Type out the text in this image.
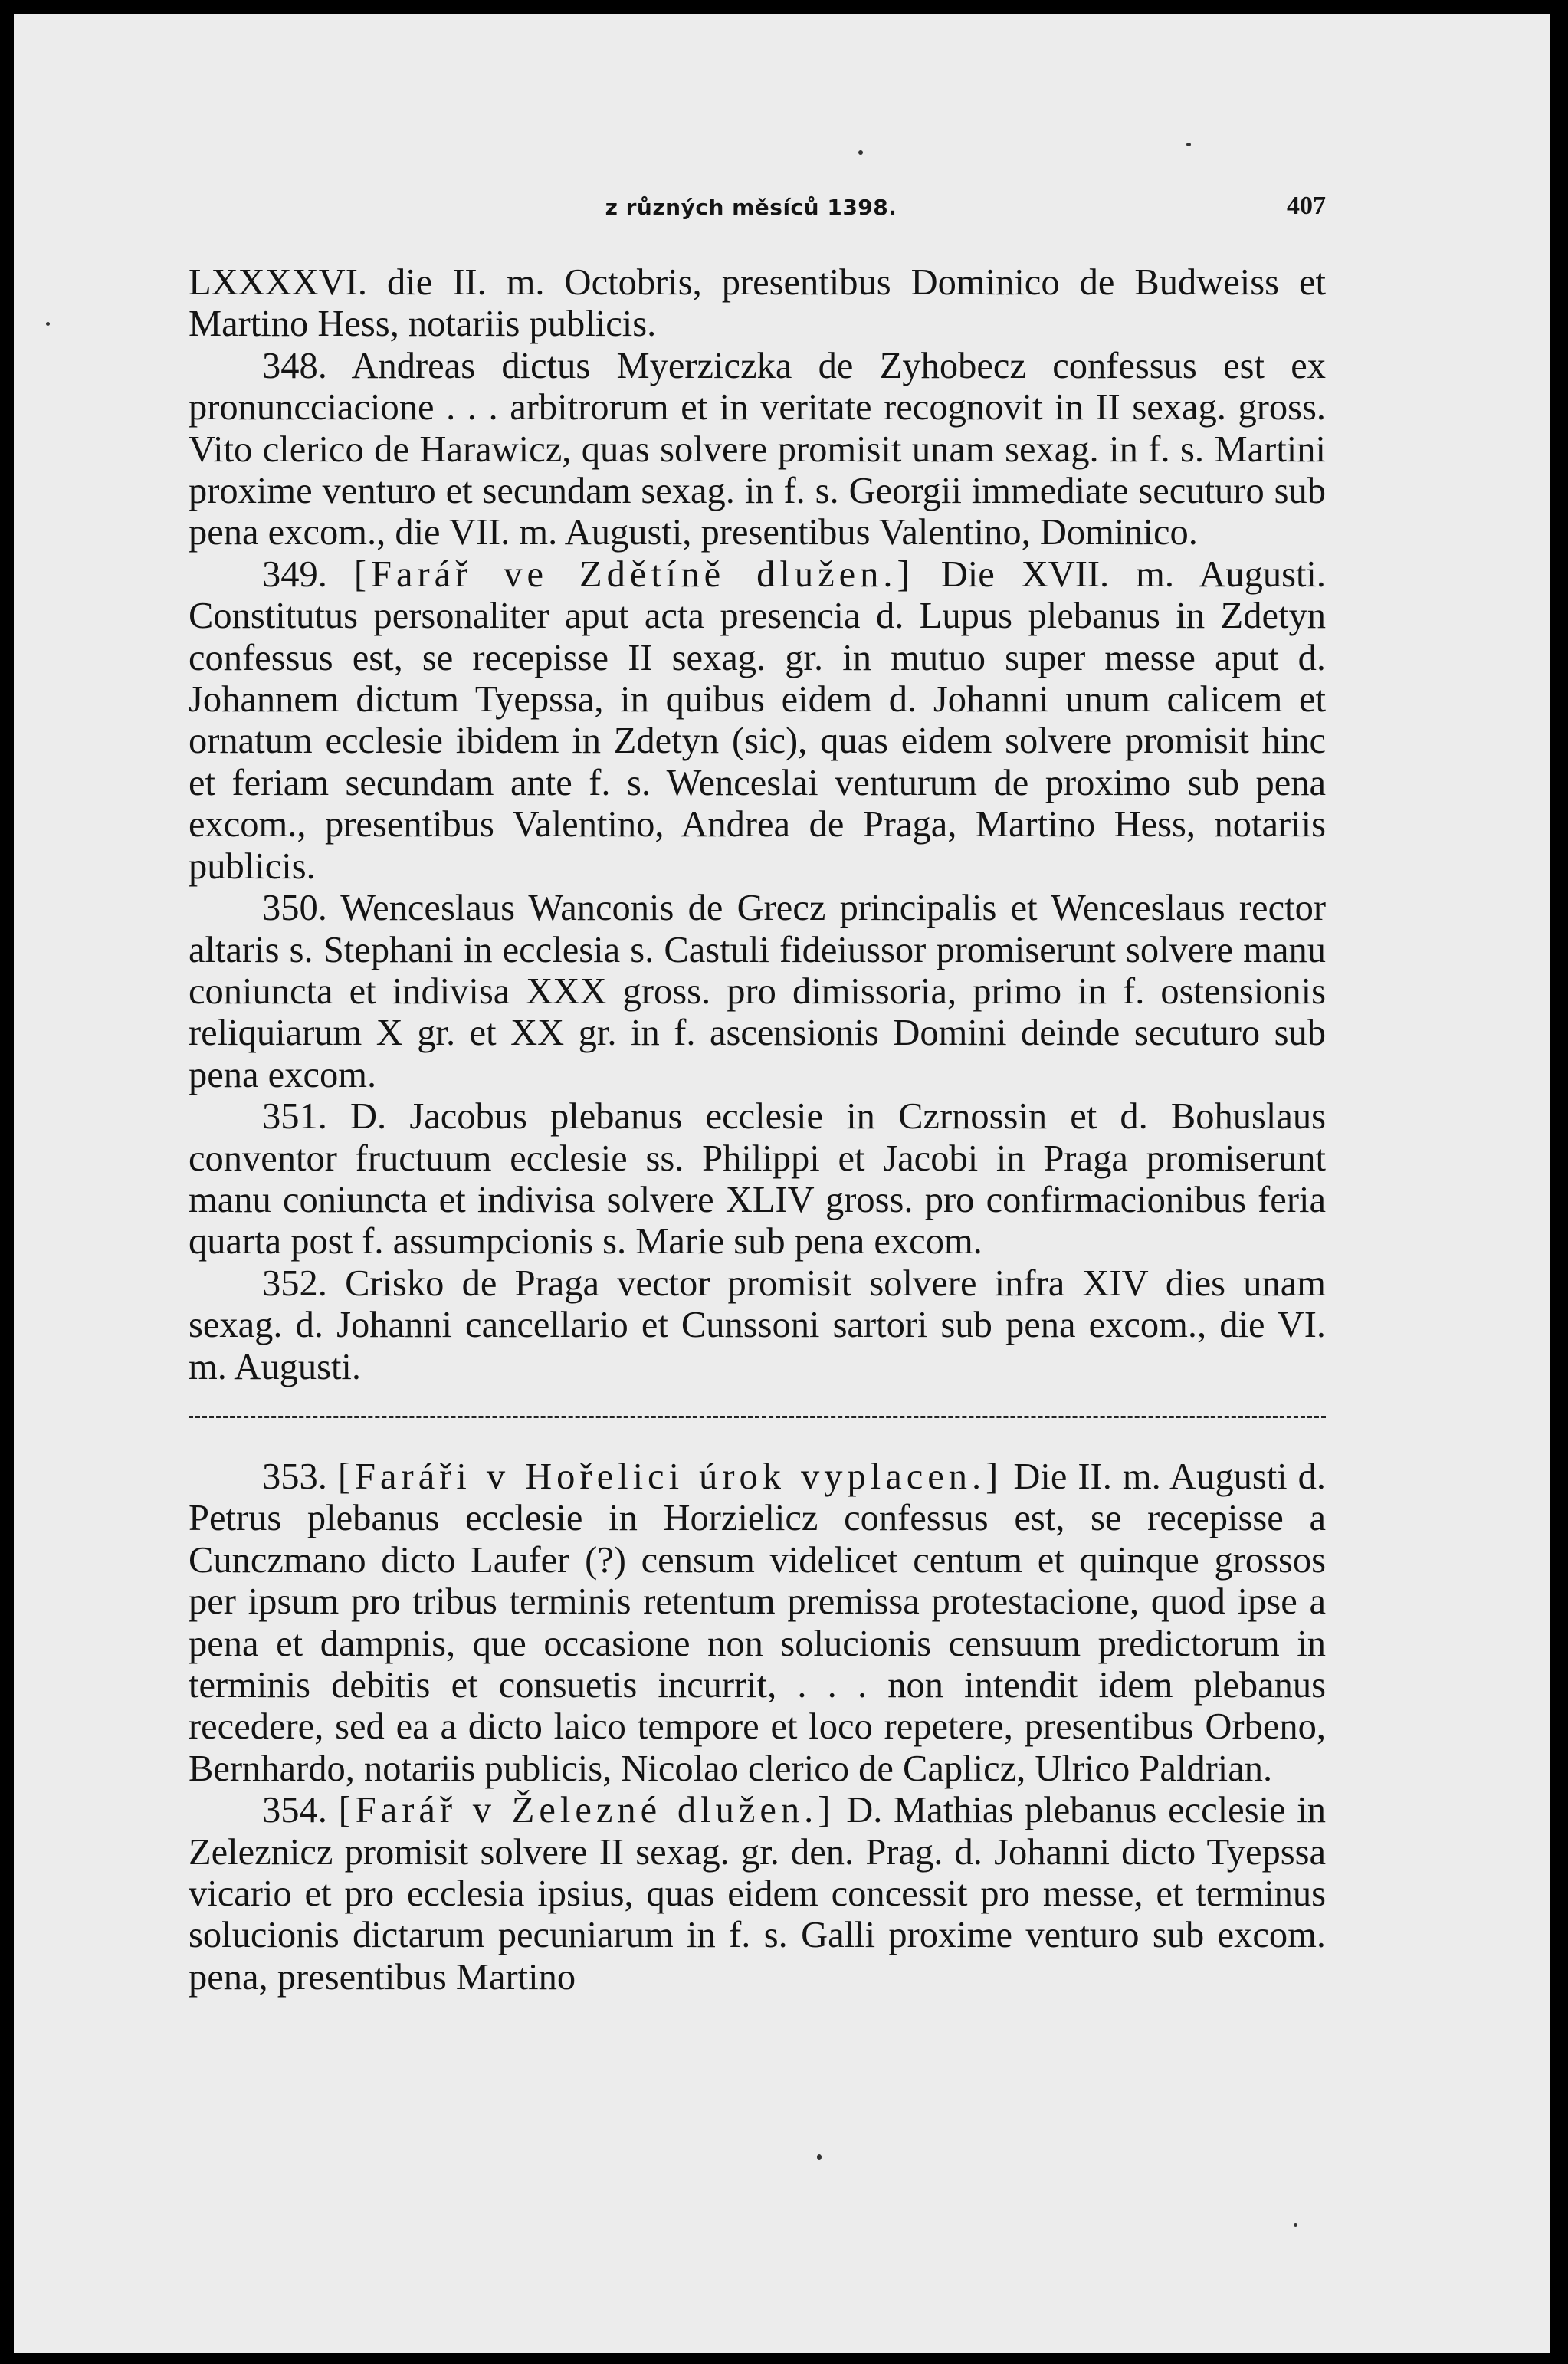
z různých měsíců 1398.	407

LXXXXVI. die II. m. Octobris, presentibus Dominico de Budweiss et Martino Hess, notariis publicis.

348. Andreas dictus Myerziczka de Zyhobecz confessus est ex pronuncciacione . . . arbitrorum et in veritate recognovit in II sexag. gross. Vito clerico de Harawicz, quas solvere promisit unam sexag. in f. s. Martini proxime venturo et secundam sexag. in f. s. Georgii immediate secuturo sub pena excom., die VII. m. Augusti, presentibus Valentino, Dominico.

349. [Farář ve Zdětíně dlužen.] Die XVII. m. Augusti. Constitutus personaliter aput acta presencia d. Lupus plebanus in Zdetyn confessus est, se recepisse II sexag. gr. in mutuo super messe aput d. Johannem dictum Tyepssa, in quibus eidem d. Johanni unum calicem et ornatum ecclesie ibidem in Zdetyn (sic), quas eidem solvere promisit hinc et feriam secundam ante f. s. Wenceslai venturum de proximo sub pena excom., presentibus Valentino, Andrea de Praga, Martino Hess, notariis publicis.

350. Wenceslaus Wanconis de Grecz principalis et Wenceslaus rector altaris s. Stephani in ecclesia s. Castuli fideiussor promiserunt solvere manu coniuncta et indivisa XXX gross. pro dimissoria, primo in f. ostensionis reliquiarum X gr. et XX gr. in f. ascensionis Domini deinde secuturo sub pena excom.

351. D. Jacobus plebanus ecclesie in Czrnossin et d. Bohuslaus conventor fructuum ecclesie ss. Philippi et Jacobi in Praga promiserunt manu coniuncta et indivisa solvere XLIV gross. pro confirmacionibus feria quarta post f. assumpcionis s. Marie sub pena excom.

352. Crisko de Praga vector promisit solvere infra XIV dies unam sexag. d. Johanni cancellario et Cunssoni sartori sub pena excom., die VI. m. Augusti.

353. [Faráři v Hořelici úrok vyplacen.] Die II. m. Augusti d. Petrus plebanus ecclesie in Horzielicz confessus est, se recepisse a Cunczmano dicto Laufer (?) censum videlicet centum et quinque grossos per ipsum pro tribus terminis retentum premissa protestacione, quod ipse a pena et dampnis, que occasione non solucionis censuum predictorum in terminis debitis et consuetis incurrit, . . . non intendit idem plebanus recedere, sed ea a dicto laico tempore et loco repetere, presentibus Orbeno, Bernhardo, notariis publicis, Nicolao clerico de Caplicz, Ulrico Paldrian.

354. [Farář v Železné dlužen.] D. Mathias plebanus ecclesie in Zeleznicz promisit solvere II sexag. gr. den. Prag. d. Johanni dicto Tyepssa vicario et pro ecclesia ipsius, quas eidem concessit pro messe, et terminus solucionis dictarum pecuniarum in f. s. Galli proxime venturo sub excom. pena, presentibus Martino
